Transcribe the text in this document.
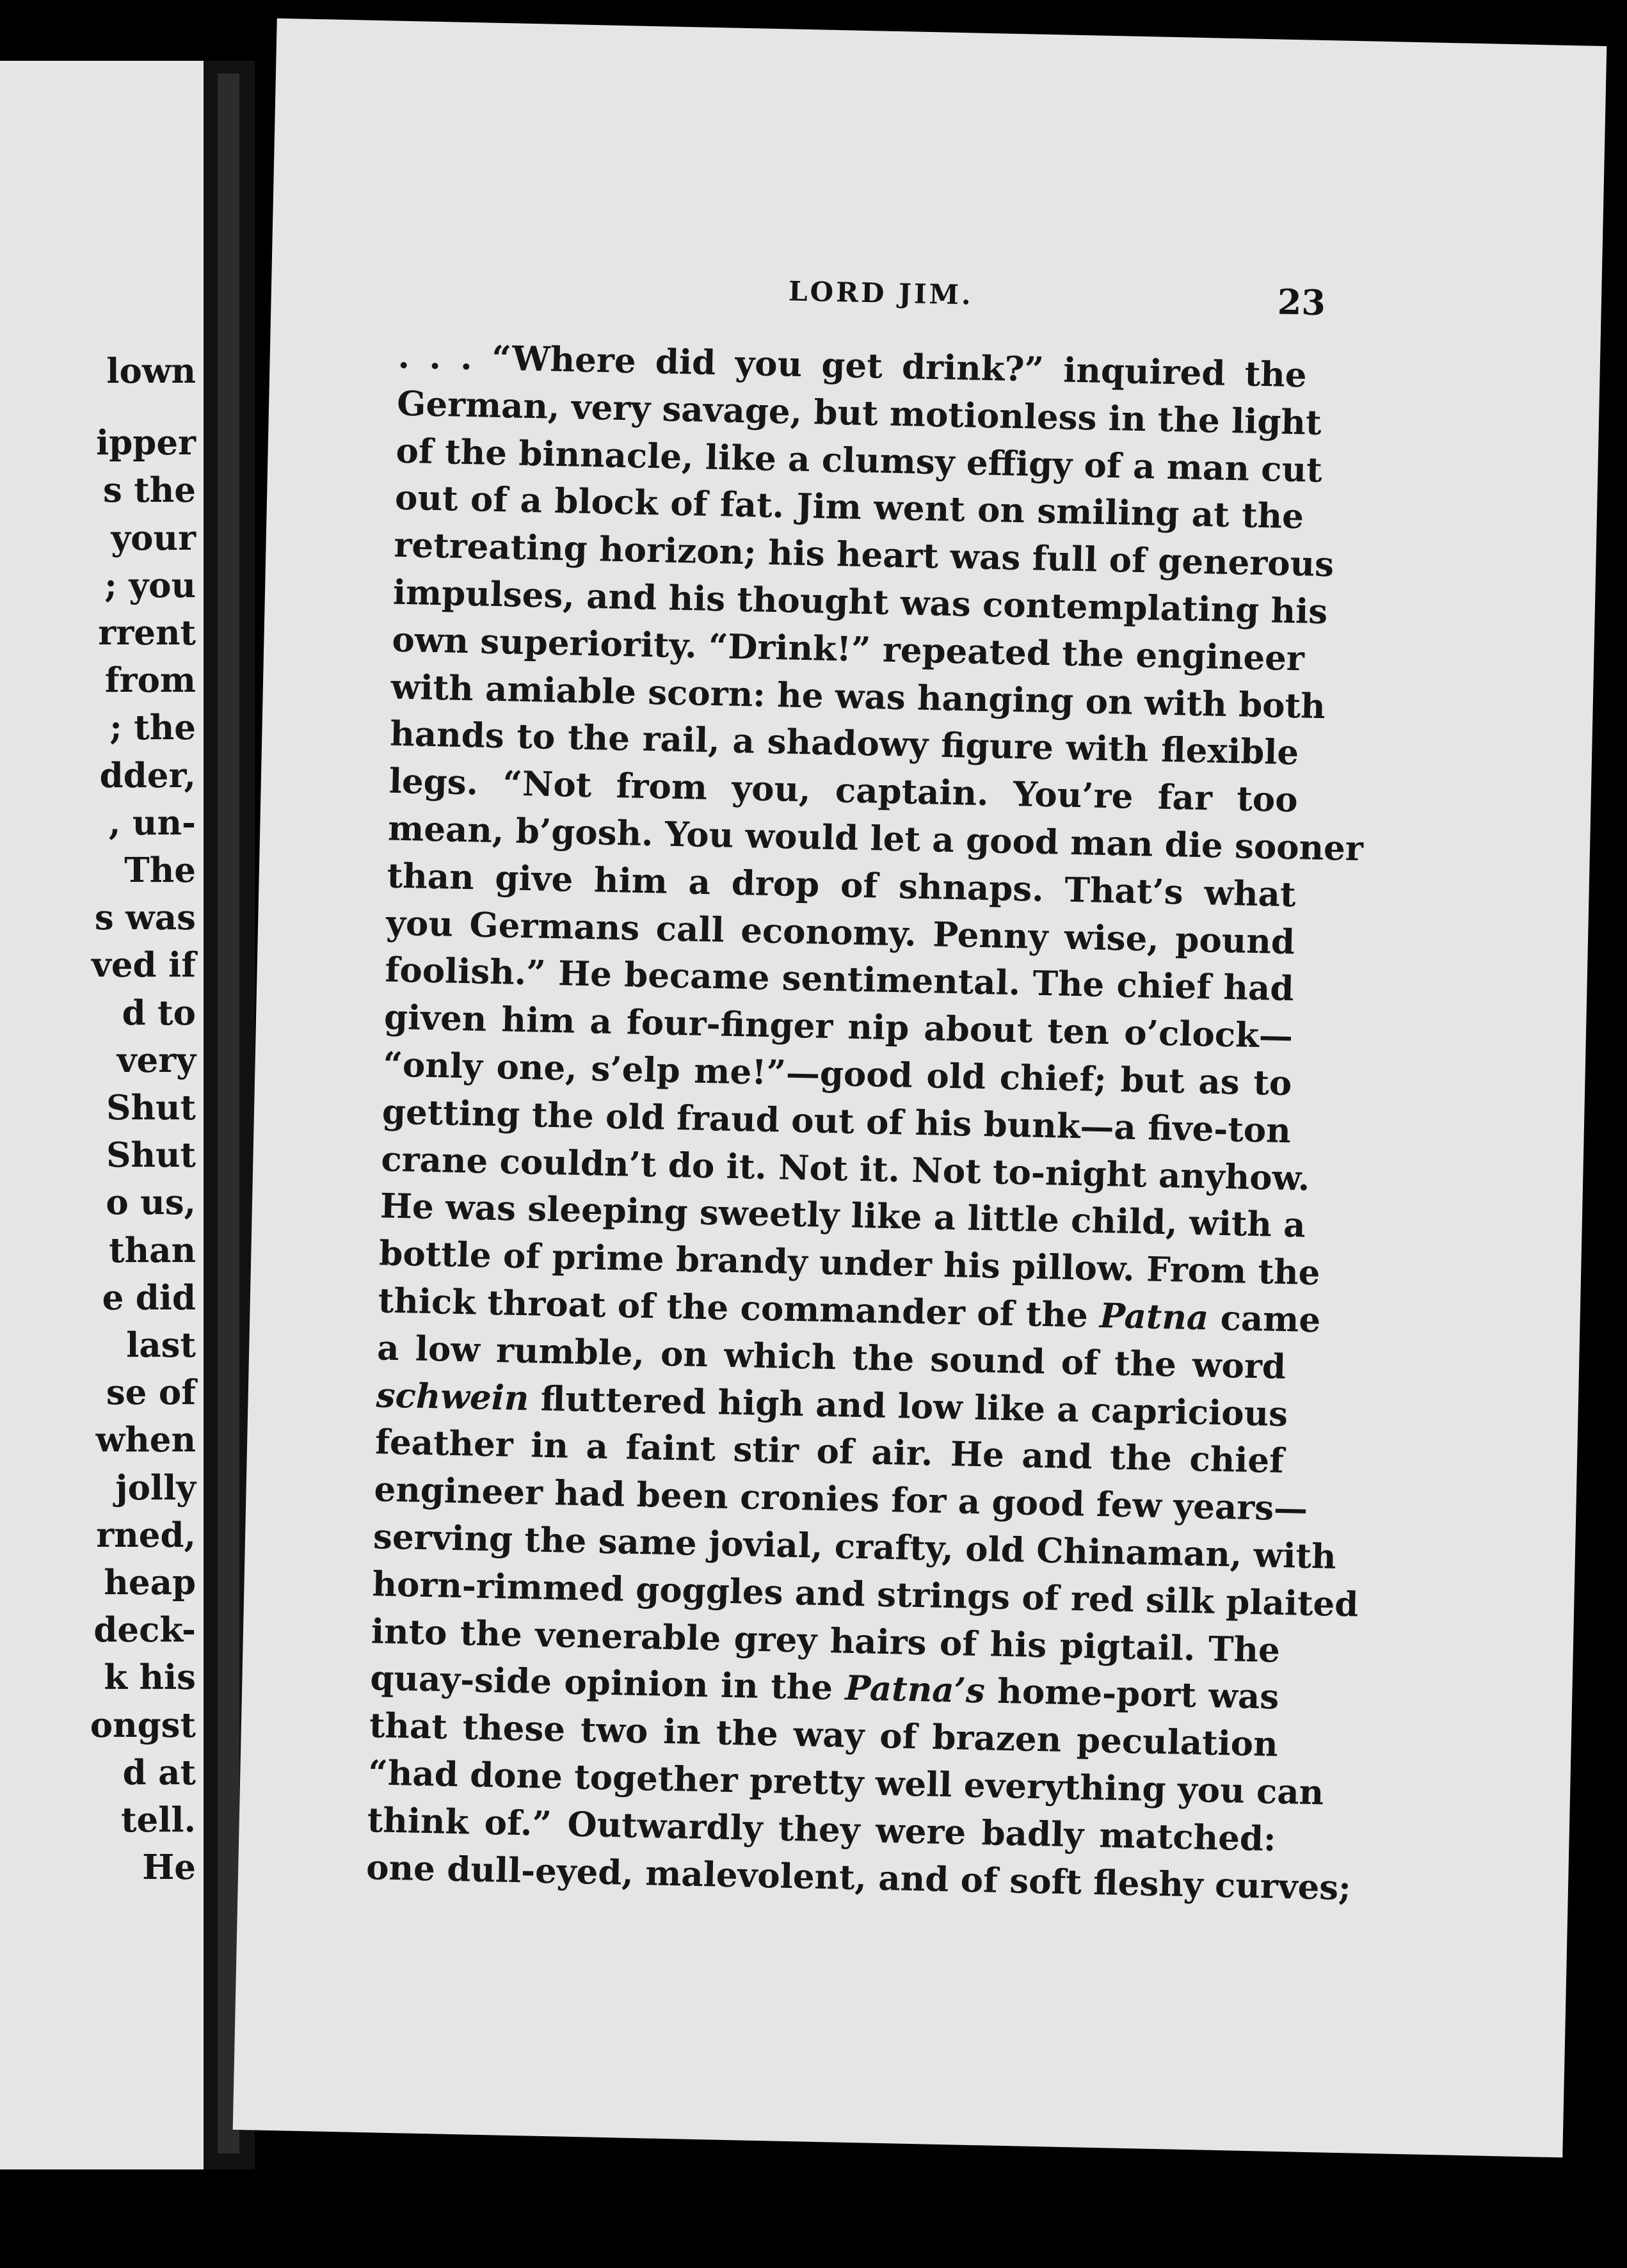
lown
ipper
s the
your
; you
rrent
from
; the
dder,
, un-
The
s was
ved if
d to
very
Shut
Shut
o us,
than
e did
last
se of
when
jolly
rned,
heap
deck-
k his
ongst
d at
tell.
He
LORD JIM.	23
. . . “Where did you get drink?” inquired the
German, very savage, but motionless in the light
of the binnacle, like a clumsy effigy of a man cut
out of a block of fat. Jim went on smiling at the
retreating horizon; his heart was full of generous
impulses, and his thought was contemplating his
own superiority. “Drink!” repeated the engineer
with amiable scorn: he was hanging on with both
hands to the rail, a shadowy figure with flexible
legs. “Not from you, captain. You’re far too
mean, b’gosh. You would let a good man die sooner
than give him a drop of shnaps. That’s what
you Germans call economy. Penny wise, pound
foolish.” He became sentimental. The chief had
given him a four-finger nip about ten o’clock—
“only one, s’elp me!”—good old chief; but as to
getting the old fraud out of his bunk—a five-ton
crane couldn’t do it. Not it. Not to-night anyhow.
He was sleeping sweetly like a little child, with a
bottle of prime brandy under his pillow. From the
thick throat of the commander of the Patna came
a low rumble, on which the sound of the word
schwein fluttered high and low like a capricious
feather in a faint stir of air. He and the chief
engineer had been cronies for a good few years—
serving the same jovial, crafty, old Chinaman, with
horn-rimmed goggles and strings of red silk plaited
into the venerable grey hairs of his pigtail. The
quay-side opinion in the Patna’s home-port was
that these two in the way of brazen peculation
“had done together pretty well everything you can
think of.” Outwardly they were badly matched:
one dull-eyed, malevolent, and of soft fleshy curves;
